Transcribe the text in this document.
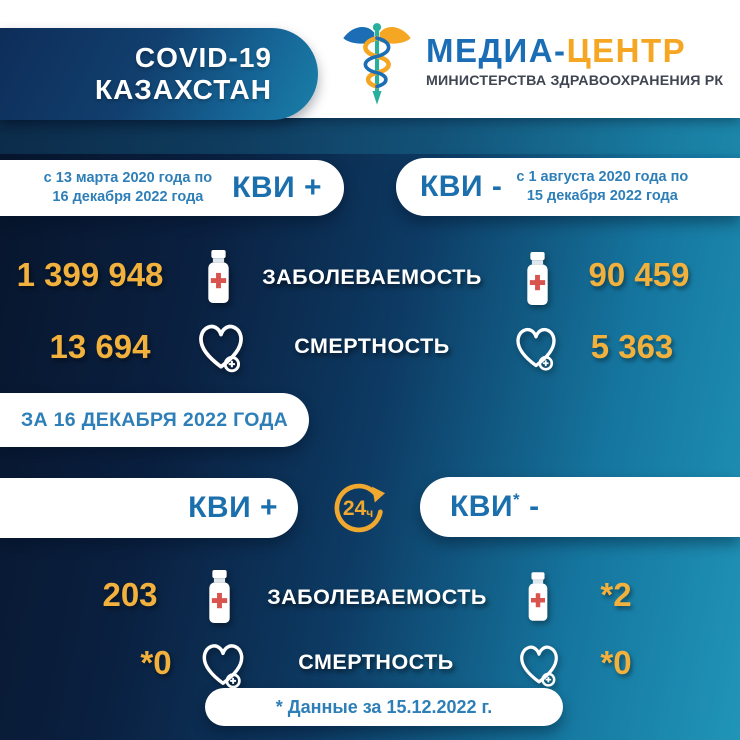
МЕДИА-ЦЕНТР
МИНИСТЕРСТВА ЗДРАВООХРАНЕНИЯ РК
COVID-19
КАЗАХСТАН
с 13 марта 2020 года по
16 декабря 2022 года КВИ +	КВИ - с 1 августа 2020 года по
15 декабря 2022 года
1 399 948	ЗАБОЛЕВАЕМОСТЬ	90 459
13 694	СМЕРТНОСТЬ	5 363
ЗА 16 ДЕКАБРЯ 2022 ГОДА
КВИ +	24 ч	КВИ* -
203	ЗАБОЛЕВАЕМОСТЬ	*2
*0	СМЕРТНОСТЬ	*0
* Данные за 15.12.2022 г.
